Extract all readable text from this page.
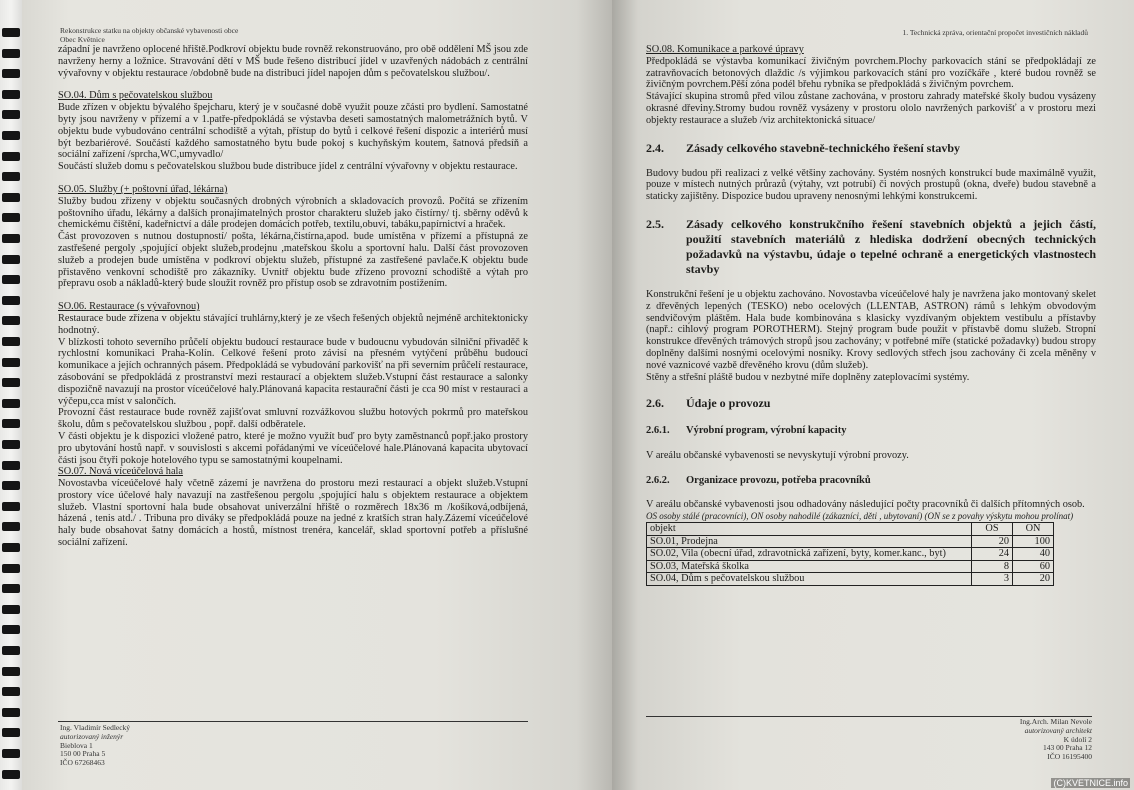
Rekonstrukce statku na objekty občanské vybavenosti obce
Obec Květnice

západní je navrženo oplocené hřiště.Podkroví objektu bude rovněž rekonstruováno, pro obě oddělení MŠ jsou zde navrženy herny a ložnice. Stravování dětí v MŠ bude řešeno distribucí jídel v uzavřených nádobách z centrální vývařovny v objektu restaurace /obdobně bude na distribuci jídel napojen dům s pečovatelskou službou/.

SO.04. Dům s pečovatelskou službou

Bude zřízen v objektu bývalého špejcharu, který je v současné době využit pouze zčásti pro bydlení. Samostatné byty jsou navrženy v přízemí a v 1.patře-předpokládá se výstavba deseti samostatných malometrážních bytů. V objektu bude vybudováno centrální schodiště a výtah, přístup do bytů i celkové řešení dispozic a interiérů musí být bezbariérové. Součástí každého samostatného bytu bude pokoj s kuchyňským koutem, šatnová předsíň a sociální zařízení /sprcha,WC,umyvadlo/

Součástí služeb domu s pečovatelskou službou bude distribuce jídel z centrální vývařovny v objektu restaurace.

SO.05. Služby (+ poštovní úřad, lékárna)

Služby budou zřízeny v objektu současných drobných výrobních a skladovacích provozů. Počítá se zřízením poštovního úřadu, lékárny a dalších pronajímatelných prostor charakteru služeb jako čistírny/ tj. sběrny oděvů k chemickému čištění, kadeřnictví a dále prodejen domácích potřeb, textilu,obuvi, tabáku,papírnictví a hraček.

Část provozoven s nutnou dostupností/ pošta, lékárna,čistírna,apod. bude umístěna v přízemí a přístupná ze zastřešené pergoly ,spojující objekt služeb,prodejnu ,mateřskou školu a sportovní halu. Další část provozoven služeb a prodejen bude umístěna v podkroví objektu služeb, přístupné za zastřešené pavlače.K objektu bude přistavěno venkovní schodiště pro zákazníky. Uvnitř objektu bude zřízeno provozní schodiště a výtah pro přepravu osob a nákladů-který bude sloužit rovněž pro přístup osob se zdravotním postižením.

SO.06. Restaurace (s vývařovnou)

Restaurace bude zřízena v objektu stávající truhlárny,který je ze všech řešených objektů nejméně architektonicky hodnotný.

V blízkosti tohoto severního průčelí objektu budoucí restaurace bude v budoucnu vybudován silniční přivaděč k rychlostní komunikaci Praha-Kolín. Celkové řešení proto závisí na přesném vytýčení průběhu budoucí komunikace a jejích ochranných pásem. Předpokládá se vybudování parkovišť na při severním průčelí restaurace, zásobování se předpokládá z prostranství mezi restaurací a objektem služeb.Vstupní část restaurace a salonky dispozičně navazují na prostor víceúčelové haly.Plánovaná kapacita restaurační části je cca 90 míst v restauraci a výčepu,cca míst v salončích.

Provozní část restaurace bude rovněž zajišťovat smluvní rozvážkovou službu hotových pokrmů pro mateřskou školu, dům s pečovatelskou službou , popř. další odběratele.

V části objektu je k dispozici vložené patro, které je možno využít buď pro byty zaměstnanců popř.jako prostory pro ubytování hostů např. v souvislosti s akcemi pořádanými ve víceúčelové hale.Plánovaná kapacita ubytovací části jsou čtyři pokoje hotelového typu se samostatnými koupelnami.

SO.07. Nová víceúčelová hala

Novostavba víceúčelové haly včetně zázemí je navržena do prostoru mezi restaurací a objekt služeb.Vstupní prostory více účelové haly navazují na zastřešenou pergolu ,spojující halu s objektem restaurace a objektem služeb. Vlastní sportovní hala bude obsahovat univerzální hřiště o rozměrech 18x36 m /košíková,odbíjená, házená , tenis atd./ . Tribuna pro diváky se předpokládá pouze na jedné z kratších stran haly.Zázemí víceúčelové haly bude obsahovat šatny domácích a hostů, místnost trenéra, kancelář, sklad sportovní potřeb a příslušné sociální zařízení.

Ing. Vladimír Sedlecký
autorizovaný inženýr
Bieblova 1
150 00 Praha 5
IČO 67268463
1. Technická zpráva, orientační propočet investičních nákladů

SO.08. Komunikace a parkové úpravy

Předpokládá se výstavba komunikací živičným povrchem.Plochy parkovacích stání se předpokládají ze zatravňovacích betonových dlaždic /s výjimkou parkovacích stání pro vozíčkáře , které budou rovněž se živičným povrchem.Pěší zóna podél břehu rybníka se předpokládá s živičným povrchem.

Stávající skupina stromů před vilou zůstane zachována, v prostoru zahrady mateřské školy budou vysázeny okrasné dřeviny.Stromy budou rovněž vysázeny v prostoru ololo navržených parkovišť a v prostoru mezi objekty restaurace a služeb /viz architektonická situace/

2.4.	Zásady celkového stavebně-technického řešení stavby

Budovy budou při realizaci z velké většiny zachovány. Systém nosných konstrukcí bude maximálně využit, pouze v místech nutných průrazů (výtahy, vzt potrubí) či nových prostupů (okna, dveře) budou stavebně a staticky zajištěny. Dispozice budou upraveny nenosnými lehkými konstrukcemi.

2.5.	Zásady celkového konstrukčního řešení stavebních objektů a jejich částí, použití stavebních materiálů z hlediska dodržení obecných technických požadavků na výstavbu, údaje o tepelné ochraně a energetických vlastnostech stavby

Konstrukční řešení je u objektu zachováno. Novostavba víceúčelové haly je navržena jako montovaný skelet z dřevěných lepených (TESKO) nebo ocelových (LLENTAB, ASTRON) rámů s lehkým obvodovým sendvičovým pláštěm. Hala bude kombinována s klasicky vyzdívaným objektem vestibulu a přístavby (např.: cihlový program POROTHERM). Stejný program bude použit v přístavbě domu služeb. Stropní konstrukce dřevěných trámových stropů jsou zachovány; v potřebné míře (statické požadavky) budou stropy doplněny dalšími nosnými ocelovými nosníky. Krovy sedlových střech jsou zachovány či zcela měněny v nové vaznicové vazbě dřevěného krovu (dům služeb).

Stěny a střešní pláště budou v nezbytné míře doplněny zateplovacími systémy.

2.6.	Údaje o provozu
2.6.1.	Výrobní program, výrobní kapacity

V areálu občanské vybavenosti se nevyskytují výrobní provozy.

2.6.2.	Organizace provozu, potřeba pracovníků

V areálu občanské vybavenosti jsou odhadovány následující počty pracovníků či dalších přítomných osob.

OS osoby stálé (pracovníci), ON osoby nahodilé (zákazníci, děti , ubytovaní) (ON se z povahy výskytu mohou prolínat)

objekt	OS	ON
SO.01, Prodejna	20	100
SO.02, Vila (obecní úřad, zdravotnická zařízení, byty, komer.kanc., byt)	24	40
SO.03, Mateřská školka	8	60
SO.04, Dům s pečovatelskou službou	3	20
Ing.Arch. Milan Nevole
autorizovaný architekt
K údolí 2
143 00 Praha 12
IČO 16195400
(C)KVETNICE.info
